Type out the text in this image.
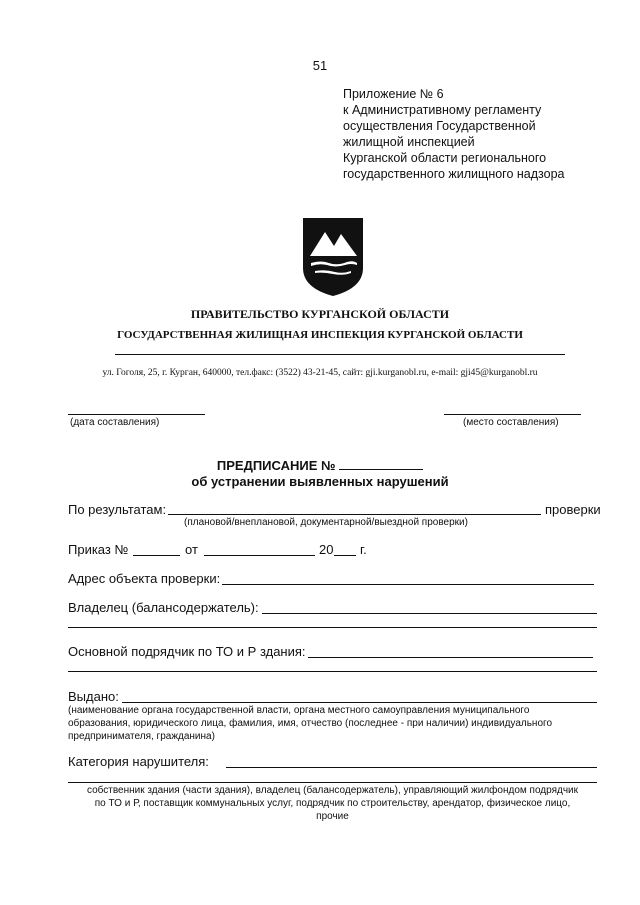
51
Приложение № 6
к Административному регламенту
осуществления Государственной
жилищной инспекцией
Курганской области регионального
государственного жилищного надзора
ПРАВИТЕЛЬСТВО КУРГАНСКОЙ ОБЛАСТИ
ГОСУДАРСТВЕННАЯ ЖИЛИЩНАЯ ИНСПЕКЦИЯ КУРГАНСКОЙ ОБЛАСТИ
ул. Гоголя, 25, г. Курган, 640000, тел.факс: (3522) 43-21-45, сайт: gji.kurganobl.ru, e-mail: gji45@kurganobl.ru
(дата составления)	(место составления)
ПРЕДПИСАНИЕ №
об устранении выявленных нарушений
По результатам:	проверки
(плановой/внеплановой, документарной/выездной проверки)
Приказ №	от	20 г.
Адрес объекта проверки:
Владелец (балансодержатель):
Основной подрядчик по ТО и Р здания:
Выдано:
(наименование органа государственной власти, органа местного самоуправления муниципального
образования, юридического лица, фамилия, имя, отчество (последнее - при наличии) индивидуального
предпринимателя, гражданина)
Категория нарушителя:
собственник здания (части здания), владелец (балансодержатель), управляющий жилфондом подрядчик
по ТО и Р, поставщик коммунальных услуг, подрядчик по строительству, арендатор, физическое лицо,
прочие
